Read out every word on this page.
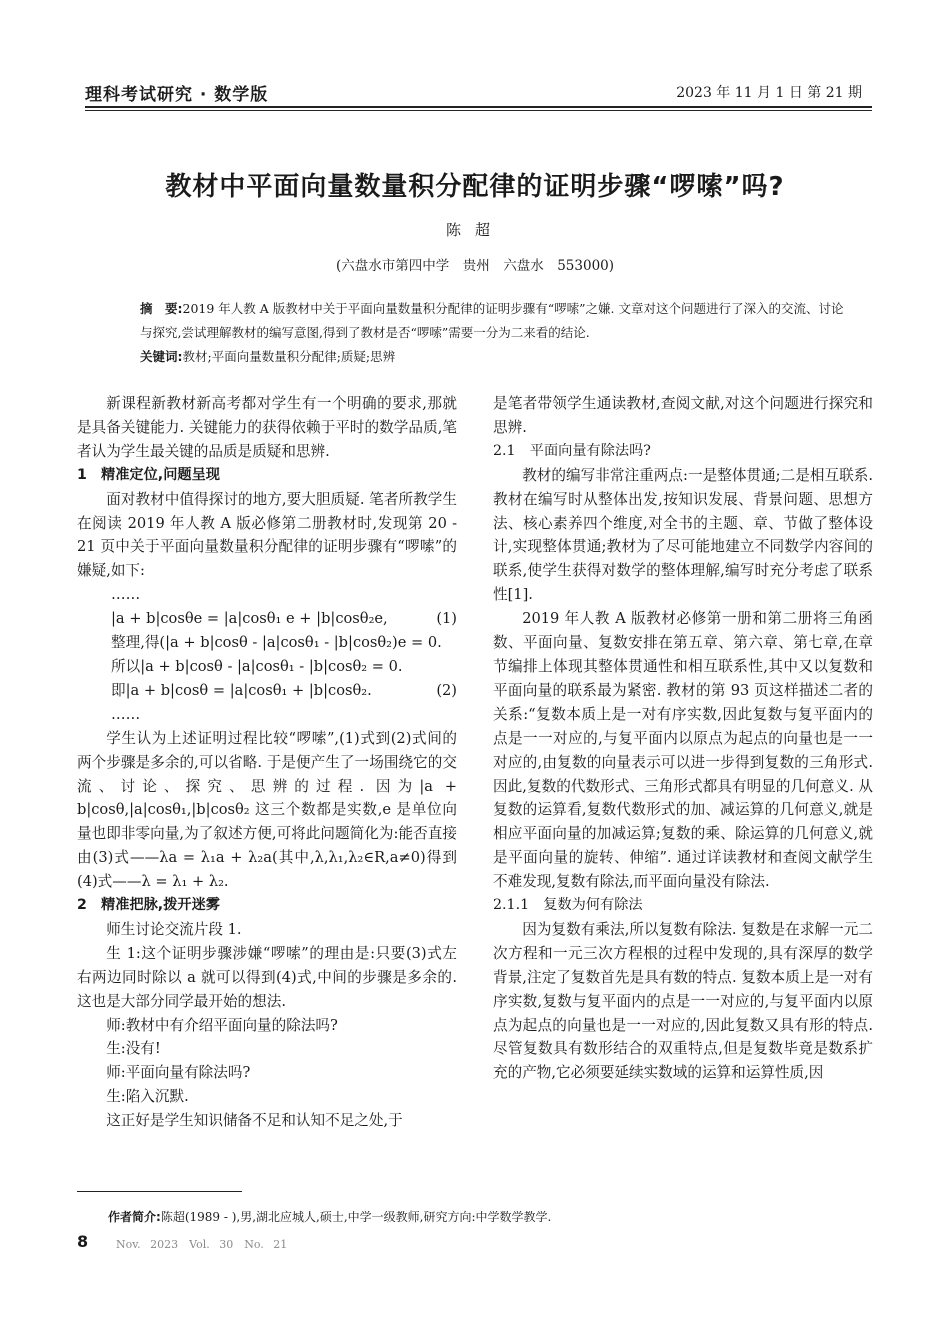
理科考试研究 · 数学版	2023 年 11 月 1 日 第 21 期
教材中平面向量数量积分配律的证明步骤“啰嗦”吗?
陈超
(六盘水市第四中学　贵州　六盘水　553000)
摘　要:2019 年人教 A 版教材中关于平面向量数量积分配律的证明步骤有“啰嗦”之嫌. 文章对这个问题进行了深入的交流、讨论与探究,尝试理解教材的编写意图,得到了教材是否“啰嗦”需要一分为二来看的结论.
关键词:教材;平面向量数量积分配律;质疑;思辨

新课程新教材新高考都对学生有一个明确的要求,那就是具备关键能力. 关键能力的获得依赖于平时的数学品质,笔者认为学生最关键的品质是质疑和思辨.

1　精准定位,问题呈现

面对教材中值得探讨的地方,要大胆质疑. 笔者所教学生在阅读 2019 年人教 A 版必修第二册教材时,发现第 20 - 21 页中关于平面向量数量积分配律的证明步骤有“啰嗦”的嫌疑,如下:

……
|a + b|cosθe = |a|cosθ₁ e + |b|cosθ₂e,	(1)
整理,得(|a + b|cosθ - |a|cosθ₁ - |b|cosθ₂)e = 0.
所以|a + b|cosθ - |a|cosθ₁ - |b|cosθ₂ = 0.
即|a + b|cosθ = |a|cosθ₁ + |b|cosθ₂.	(2)
……

学生认为上述证明过程比较“啰嗦”,(1)式到(2)式间的两个步骤是多余的,可以省略. 于是便产生了一场围绕它的交流、讨论、探究、思辨的过程. 因为|a + b|cosθ,|a|cosθ₁,|b|cosθ₂ 这三个数都是实数,e 是单位向量也即非零向量,为了叙述方便,可将此问题简化为:能否直接由(3)式——λa = λ₁a + λ₂a(其中,λ,λ₁,λ₂∈R,a≠0)得到(4)式——λ = λ₁ + λ₂.

2　精准把脉,拨开迷雾

师生讨论交流片段 1.

生 1:这个证明步骤涉嫌“啰嗦”的理由是:只要(3)式左右两边同时除以 a 就可以得到(4)式,中间的步骤是多余的. 这也是大部分同学最开始的想法.

师:教材中有介绍平面向量的除法吗?

生:没有!

师:平面向量有除法吗?

生:陷入沉默.

这正好是学生知识储备不足和认知不足之处,于

是笔者带领学生通读教材,查阅文献,对这个问题进行探究和思辨.

2.1　平面向量有除法吗?

教材的编写非常注重两点:一是整体贯通;二是相互联系. 教材在编写时从整体出发,按知识发展、背景问题、思想方法、核心素养四个维度,对全书的主题、章、节做了整体设计,实现整体贯通;教材为了尽可能地建立不同数学内容间的联系,使学生获得对数学的整体理解,编写时充分考虑了联系性[1].

2019 年人教 A 版教材必修第一册和第二册将三角函数、平面向量、复数安排在第五章、第六章、第七章,在章节编排上体现其整体贯通性和相互联系性,其中又以复数和平面向量的联系最为紧密. 教材的第 93 页这样描述二者的关系:“复数本质上是一对有序实数,因此复数与复平面内的点是一一对应的,与复平面内以原点为起点的向量也是一一对应的,由复数的向量表示可以进一步得到复数的三角形式. 因此,复数的代数形式、三角形式都具有明显的几何意义. 从复数的运算看,复数代数形式的加、减运算的几何意义,就是相应平面向量的加减运算;复数的乘、除运算的几何意义,就是平面向量的旋转、伸缩”. 通过详读教材和查阅文献学生不难发现,复数有除法,而平面向量没有除法.

2.1.1　复数为何有除法

因为复数有乘法,所以复数有除法. 复数是在求解一元二次方程和一元三次方程根的过程中发现的,具有深厚的数学背景,注定了复数首先是具有数的特点. 复数本质上是一对有序实数,复数与复平面内的点是一一对应的,与复平面内以原点为起点的向量也是一一对应的,因此复数又具有形的特点. 尽管复数具有数形结合的双重特点,但是复数毕竟是数系扩充的产物,它必须要延续实数域的运算和运算性质,因

作者简介:陈超(1989 - ),男,湖北应城人,硕士,中学一级教师,研究方向:中学数学教学.
8	Nov. 2023　Vol. 30　No. 21
